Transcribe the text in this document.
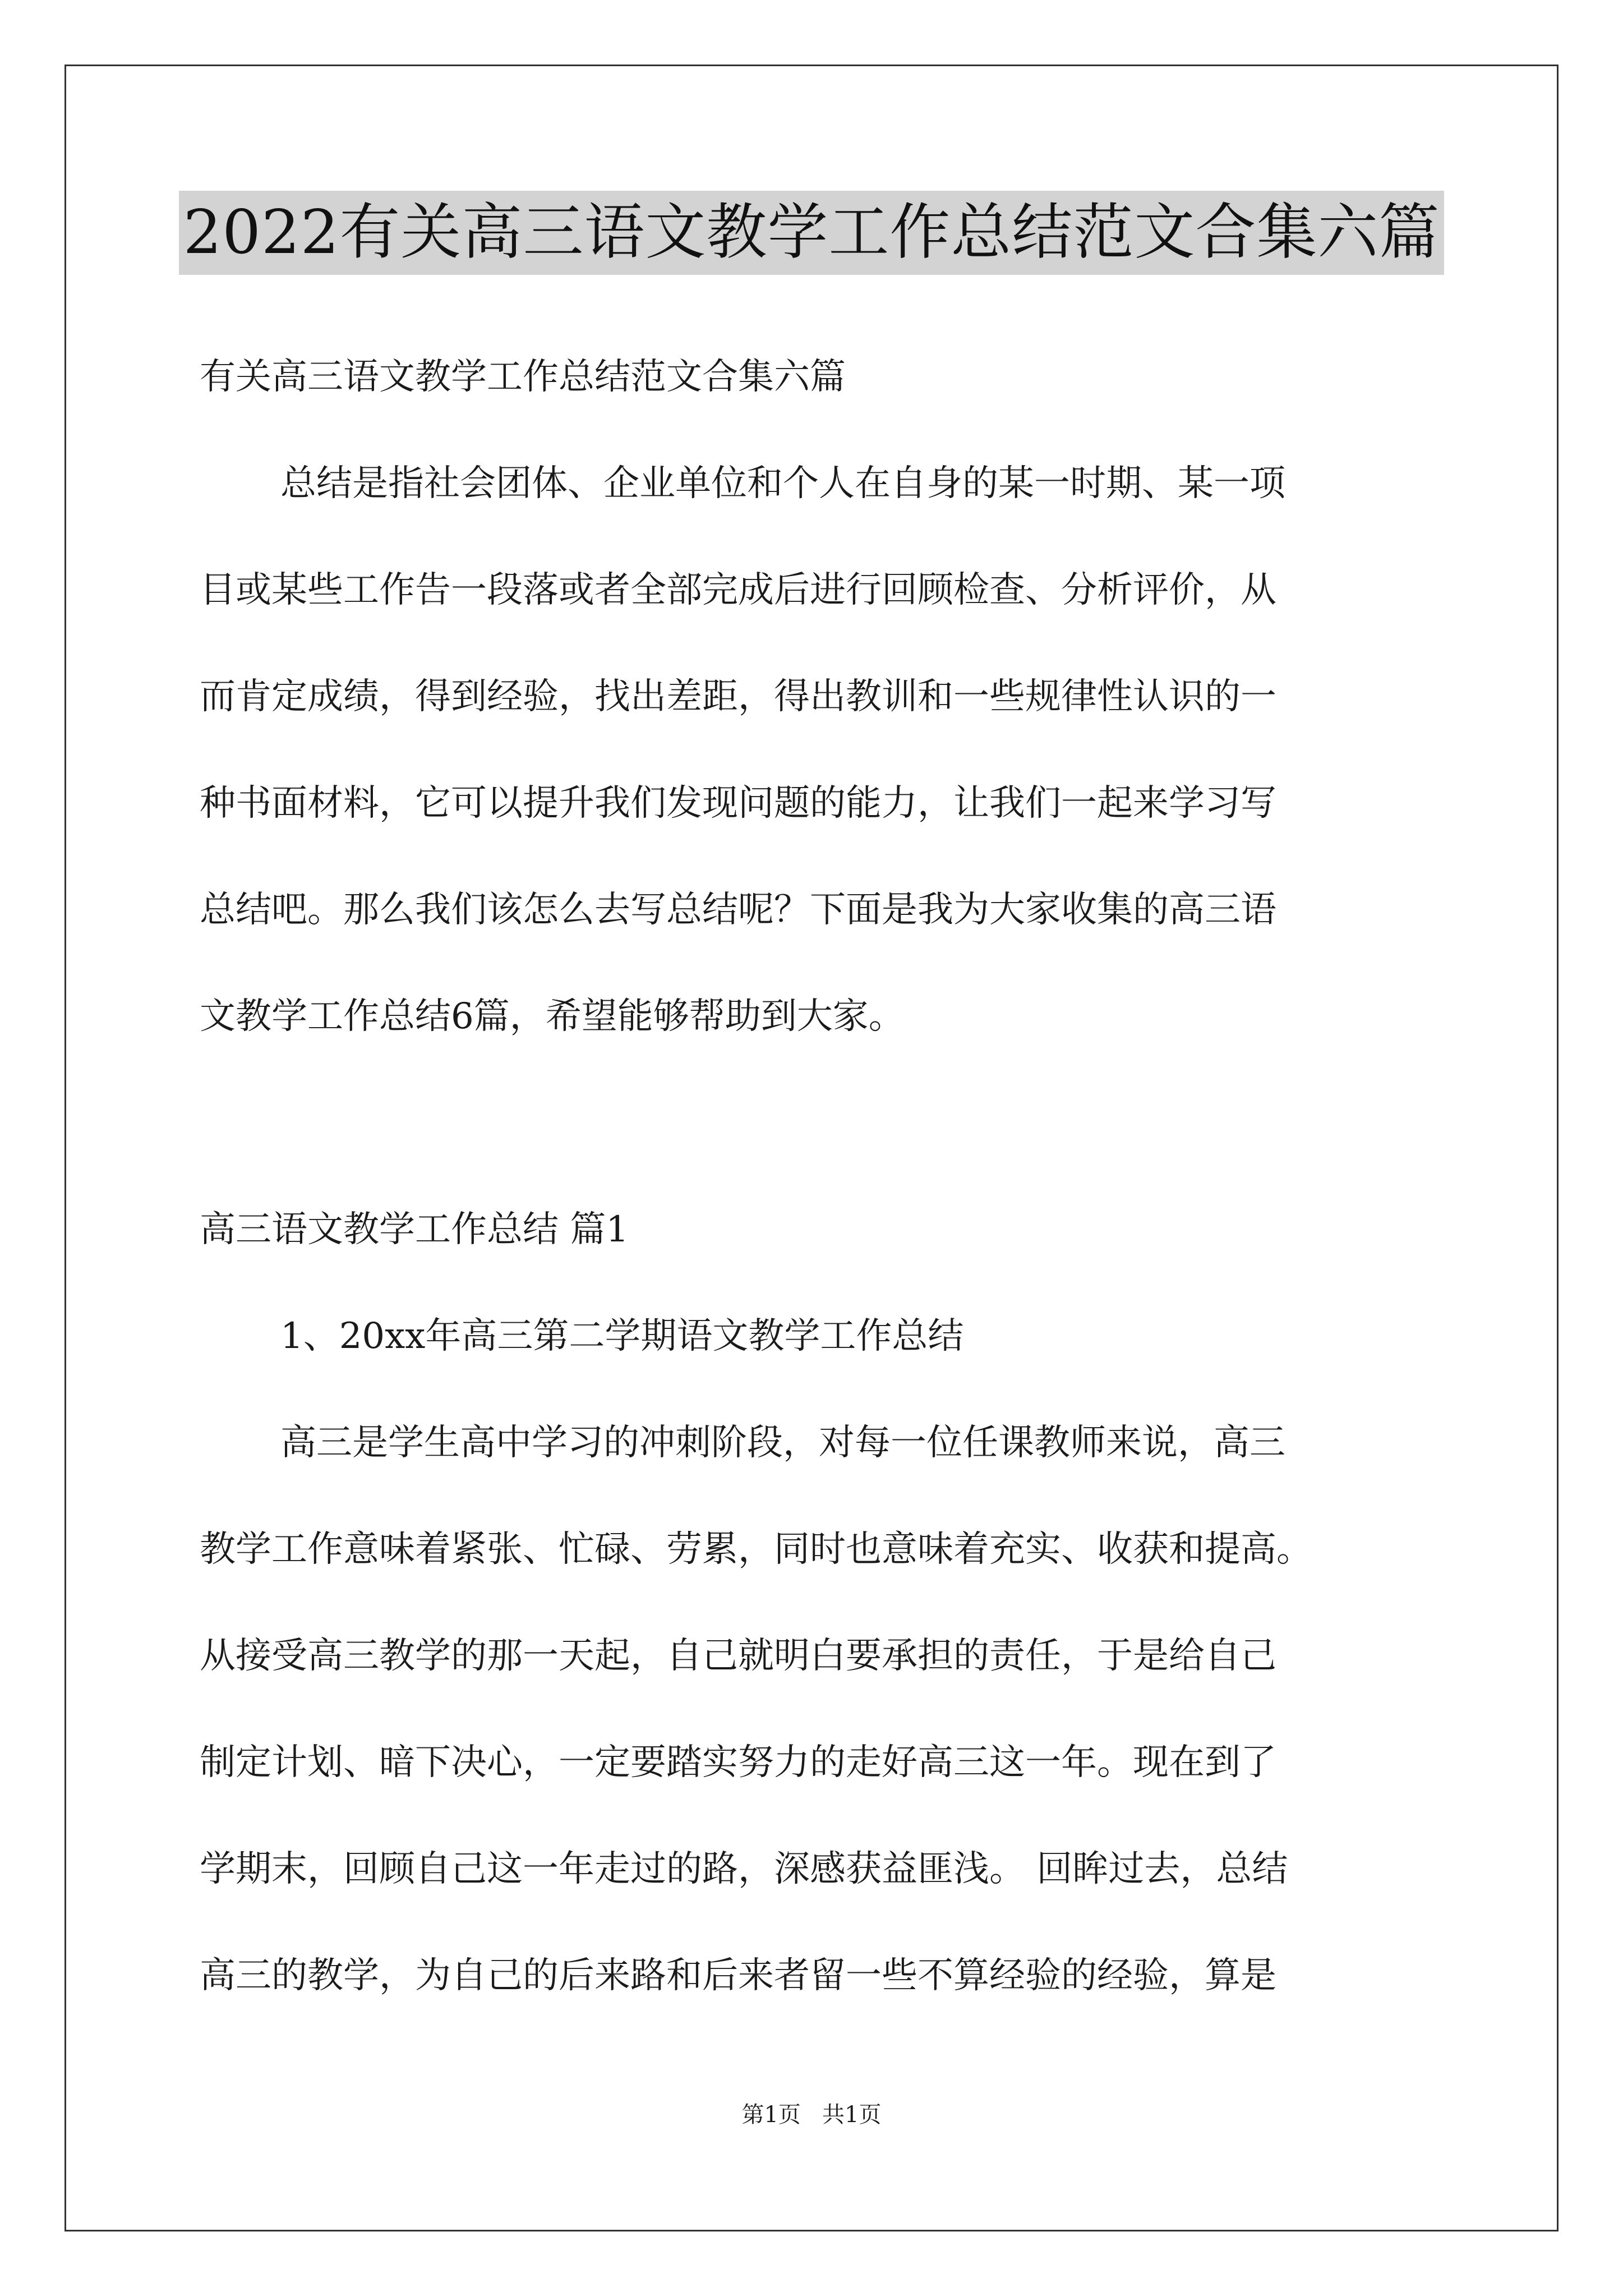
2022有关高三语文教学工作总结范文合集六篇
有关高三语文教学工作总结范文合集六篇
总结是指社会团体、企业单位和个人在自身的某一时期、某一项
目或某些工作告一段落或者全部完成后进行回顾检查、分析评价，从
而肯定成绩，得到经验，找出差距，得出教训和一些规律性认识的一
种书面材料，它可以提升我们发现问题的能力，让我们一起来学习写
总结吧。那么我们该怎么去写总结呢？下面是我为大家收集的高三语
文教学工作总结6篇，希望能够帮助到大家。
高三语文教学工作总结 篇1
1、20xx年高三第二学期语文教学工作总结
高三是学生高中学习的冲刺阶段，对每一位任课教师来说，高三
教学工作意味着紧张、忙碌、劳累，同时也意味着充实、收获和提高。
从接受高三教学的那一天起，自己就明白要承担的责任，于是给自己
制定计划、暗下决心，一定要踏实努力的走好高三这一年。现在到了
学期末，回顾自己这一年走过的路，深感获益匪浅。 回眸过去，总结
高三的教学，为自己的后来路和后来者留一些不算经验的经验，算是
第1页   共1页
